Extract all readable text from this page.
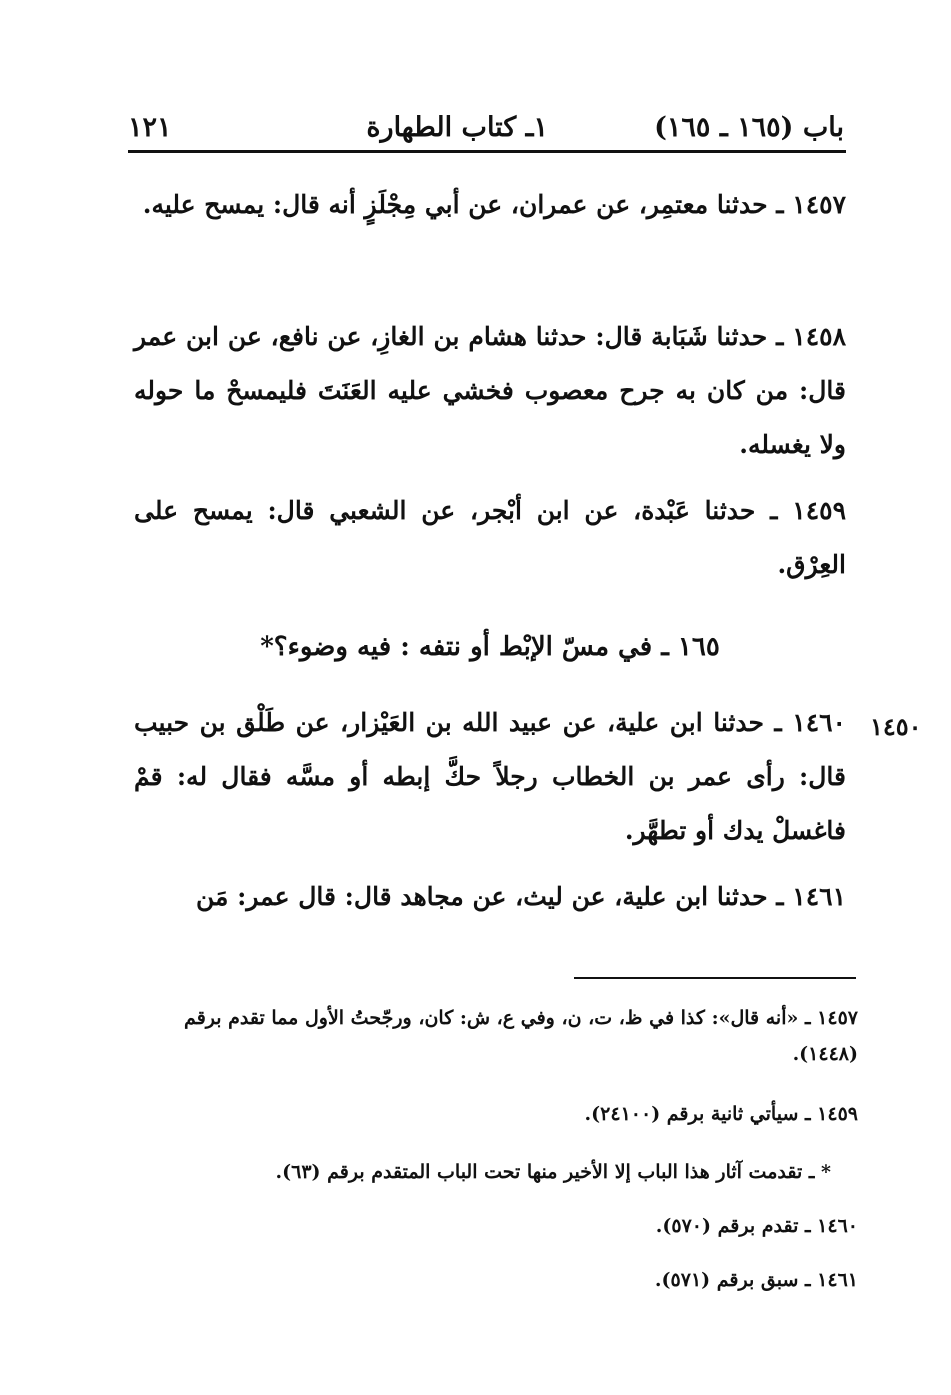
باب (١٦٥ ـ ١٦٥)
١ـ كتاب الطهارة
١٢١
١٤٥٧ ـ حدثنا معتمِر، عن عمران، عن أبي مِجْلَزٍ أنه قال: يمسح عليه.
١٤٥٨ ـ حدثنا شَبَابة قال: حدثنا هشام بن الغازِ، عن نافع، عن ابن عمر قال: من كان به جرح معصوب فخشي عليه العَنَتَ فليمسحْ ما حوله ولا يغسله.
١٤٥٩ ـ حدثنا عَبْدة، عن ابن أبْجر، عن الشعبي قال: يمسح على العِرْق.
١٦٥ ـ في مسّ الإبْط أو نتفه : فيه وضوء؟*
١٤٥٠
١٤٦٠ ـ حدثنا ابن علية، عن عبيد الله بن العَيْزار، عن طَلْق بن حبيب قال: رأى عمر بن الخطاب رجلاً حكَّ إبطه أو مسَّه فقال له: قمْ فاغسلْ يدك أو تطهَّر.
١٤٦١ ـ حدثنا ابن علية، عن ليث، عن مجاهد قال: قال عمر: مَن
١٤٥٧ ـ «أنه قال»: كذا في ظ، ت، ن، وفي ع، ش: كان، ورجّحتُ الأول مما تقدم برقم (١٤٤٨).
١٤٥٩ ـ سيأتي ثانية برقم (٢٤١٠٠).
* ـ تقدمت آثار هذا الباب إلا الأخير منها تحت الباب المتقدم برقم (٦٣).
١٤٦٠ ـ تقدم برقم (٥٧٠).
١٤٦١ ـ سبق برقم (٥٧١).
